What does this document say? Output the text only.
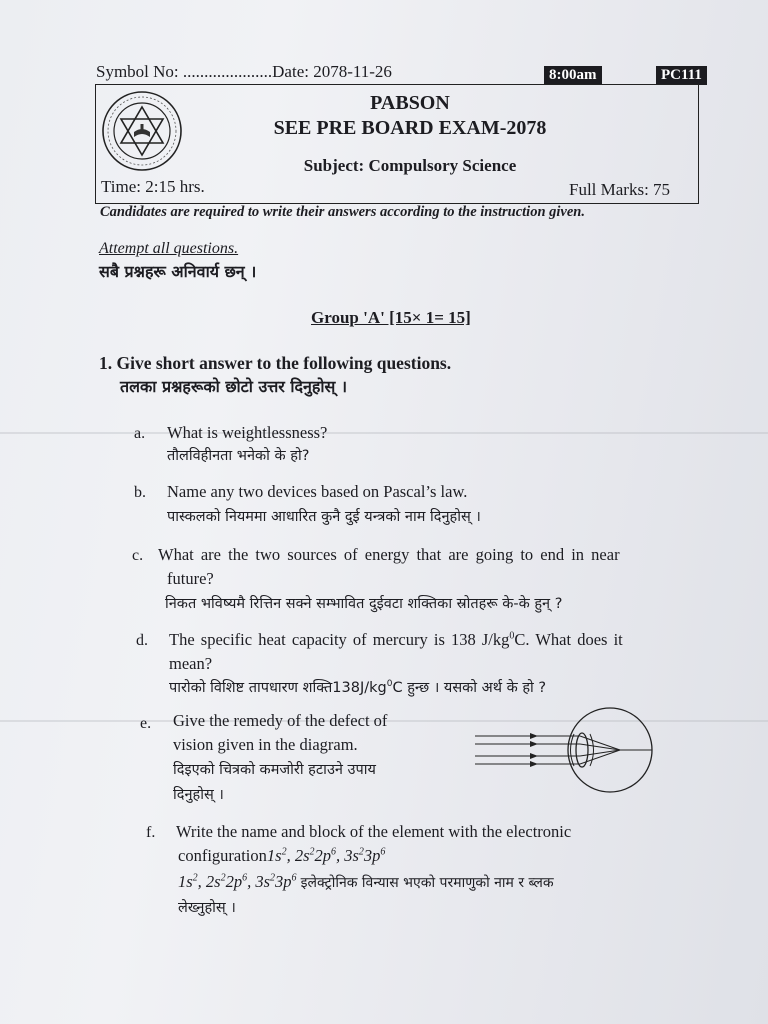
Symbol No: .....................Date: 2078-11-26	8:00am	PC111
PABSON
SEE PRE BOARD EXAM-2078
Subject: Compulsory Science
Time: 2:15 hrs.	Full Marks: 75
Candidates are required to write their answers according to the instruction given.
Attempt all questions.
सबै प्रश्नहरू अनिवार्य छन् ।
Group 'A' [15× 1= 15]
1. Give short answer to the following questions.
तलका प्रश्नहरूको छोटो उत्तर दिनुहोस् ।
a. What is weightlessness?
तौलविहीनता भनेको के हो?
b. Name any two devices based on Pascal’s law.
पास्कलको नियममा आधारित कुनै दुई यन्त्रको नाम दिनुहोस् ।
c. What are the two sources of energy that are going to end in near
future?
निकत भविष्यमै रित्तिन सक्ने सम्भावित दुईवटा शक्तिका स्रोतहरू के-के हुन् ?
d. The specific heat capacity of mercury is 138 $J/kg^0C$. What does it
mean?
पारोको विशिष्ट तापधारण $शक्ति138J/kg^0C$ हुन्छ । यसको अर्थ के हो ?
e. Give the remedy of the defect of
vision given in the diagram.
दिइएको चित्रको कमजोरी हटाउने उपाय
दिनुहोस् ।
f. Write the name and block of the element with the electronic
$configuration1s^2$, $2s^22p^6$, $3s^23p^6$
$1s^2$, $2s^22p^6$, $3s^23p^6$ इलेक्ट्रोनिक विन्यास भएको परमाणुको नाम र ब्लक
लेख्नुहोस् ।
